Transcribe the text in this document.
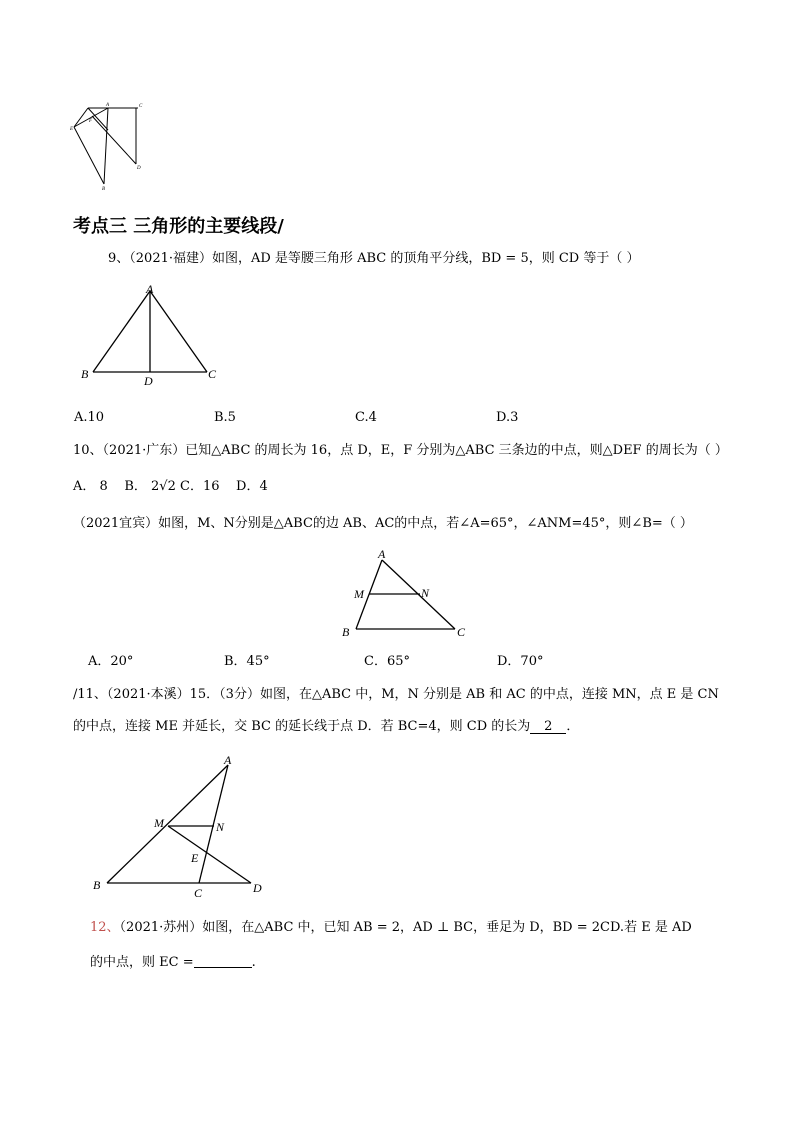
A	C
E
F
D
B
考点三 三角形的主要线段/
9、（2021·福建）如图，AD 是等腰三角形 ABC 的顶角平分线，BD = 5，则 CD 等于（ ）
A
B	C
D
A.10	B.5	C.4	D.3
10、（2021·广东）已知△ABC 的周长为 16，点 D，E，F 分别为△ABC 三条边的中点，则△DEF 的周长为（ ）
A． 8 B． 2√2 C．16 D．4
（2021宜宾）如图，M、N分别是△ABC的边 AB、AC的中点，若∠A=65°，∠ANM=45°，则∠B=（ ）
A
M	N
B	C
A．20°	B．45°	C．65°	D．70°
/11、（2021·本溪）15．（3分）如图，在△ABC 中，M，N 分别是 AB 和 AC 的中点，连接 MN，点 E 是 CN
的中点，连接 ME 并延长，交 BC 的延长线于点 D．若 BC=4，则 CD 的长为 2 ．
A
M	N
E
B
C	D
12、（2021·苏州）如图，在△ABC 中，已知 AB = 2，AD ⊥ BC，垂足为 D，BD = 2CD.若 E 是 AD
的中点，则 EC =	.
